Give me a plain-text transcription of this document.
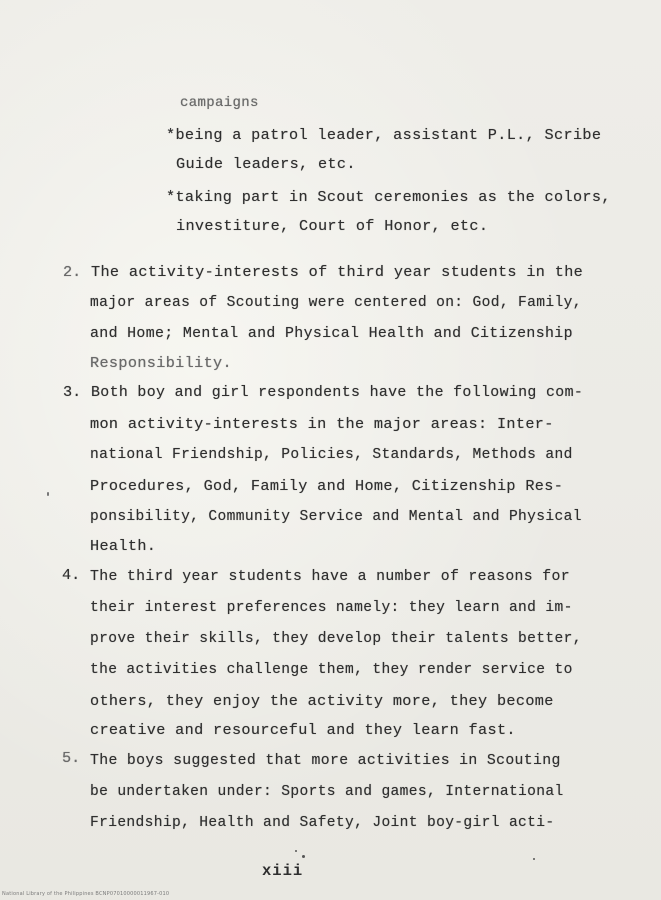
campaigns
*being a patrol leader, assistant P.L., Scribe
Guide leaders, etc.
*taking part in Scout ceremonies as the colors,
investiture, Court of Honor, etc.
2. The activity-interests of third year students in the
major areas of Scouting were centered on: God, Family,
and Home; Mental and Physical Health and Citizenship
Responsibility.
3. Both boy and girl respondents have the following com-
mon activity-interests in the major areas: Inter-
national Friendship, Policies, Standards, Methods and
Procedures, God, Family and Home, Citizenship Res-
ponsibility, Community Service and Mental and Physical
Health.
4. The third year students have a number of reasons for
their interest preferences namely: they learn and im-
prove their skills, they develop their talents better,
the activities challenge them, they render service to
others, they enjoy the activity more, they become
creative and resourceful and they learn fast.
5. The boys suggested that more activities in Scouting
be undertaken under: Sports and games, International
Friendship, Health and Safety, Joint boy-girl acti-
xiii
National Library of the Philippines BCNP07010000011967-010
